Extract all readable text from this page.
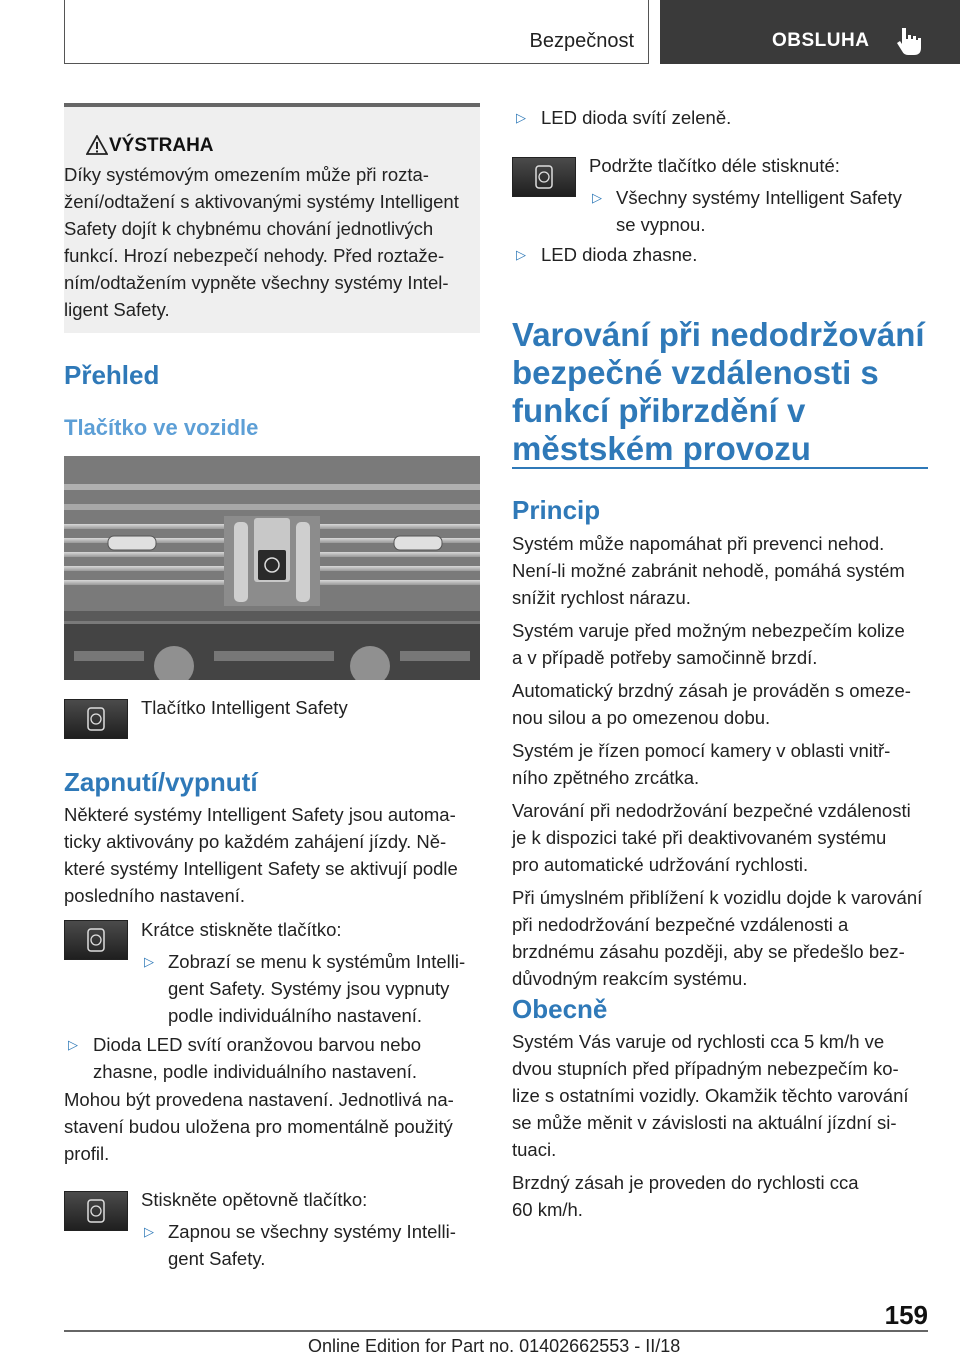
Bezpečnost	OBSLUHA
VÝSTRAHA
Díky systémovým omezením může při rozta-
žení/odtažení s aktivovanými systémy Intelligent
Safety dojít k chybnému chování jednotlivých
funkcí. Hrozí nebezpečí nehody. Před roztaže-
ním/odtažením vypněte všechny systémy Intel-
ligent Safety.
Přehled
Tlačítko ve vozidle
Tlačítko Intelligent Safety
Zapnutí/vypnutí

Některé systémy Intelligent Safety jsou automa-

ticky aktivovány po každém zahájení jízdy. Ně-

které systémy Intelligent Safety se aktivují podle

posledního nastavení.

Krátce stiskněte tlačítko:
▷ Zobrazí se menu k systémům Intelli-
gent Safety. Systémy jsou vypnuty
podle individuálního nastavení.
▷ Dioda LED svítí oranžovou barvou nebo
zhasne, podle individuálního nastavení.

Mohou být provedena nastavení. Jednotlivá na-

stavení budou uložena pro momentálně použitý

profil.

Stiskněte opětovně tlačítko:
▷ Zapnou se všechny systémy Intelli-
gent Safety.
▷ LED dioda svítí zeleně.
Podržte tlačítko déle stisknuté:
▷ Všechny systémy Intelligent Safety
se vypnou.
▷ LED dioda zhasne.
Varování při nedodržování
bezpečné vzdálenosti s
funkcí přibrzdění v
městském provozu
Princip

Systém může napomáhat při prevenci nehod.

Není-li možné zabránit nehodě, pomáhá systém

snížit rychlost nárazu.

Systém varuje před možným nebezpečím kolize

a v případě potřeby samočinně brzdí.

Automatický brzdný zásah je prováděn s omeze-

nou silou a po omezenou dobu.

Systém je řízen pomocí kamery v oblasti vnitř-

ního zpětného zrcátka.

Varování při nedodržování bezpečné vzdálenosti

je k dispozici také při deaktivovaném systému

pro automatické udržování rychlosti.

Při úmyslném přiblížení k vozidlu dojde k varování

při nedodržování bezpečné vzdálenosti a

brzdnému zásahu později, aby se předešlo bez-

důvodným reakcím systému.

Obecně

Systém Vás varuje od rychlosti cca 5 km/h ve

dvou stupních před případným nebezpečím ko-

lize s ostatními vozidly. Okamžik těchto varování

se může měnit v závislosti na aktuální jízdní si-

tuaci.

Brzdný zásah je proveden do rychlosti cca

60 km/h.

159
Online Edition for Part no. 01402662553 - II/18
